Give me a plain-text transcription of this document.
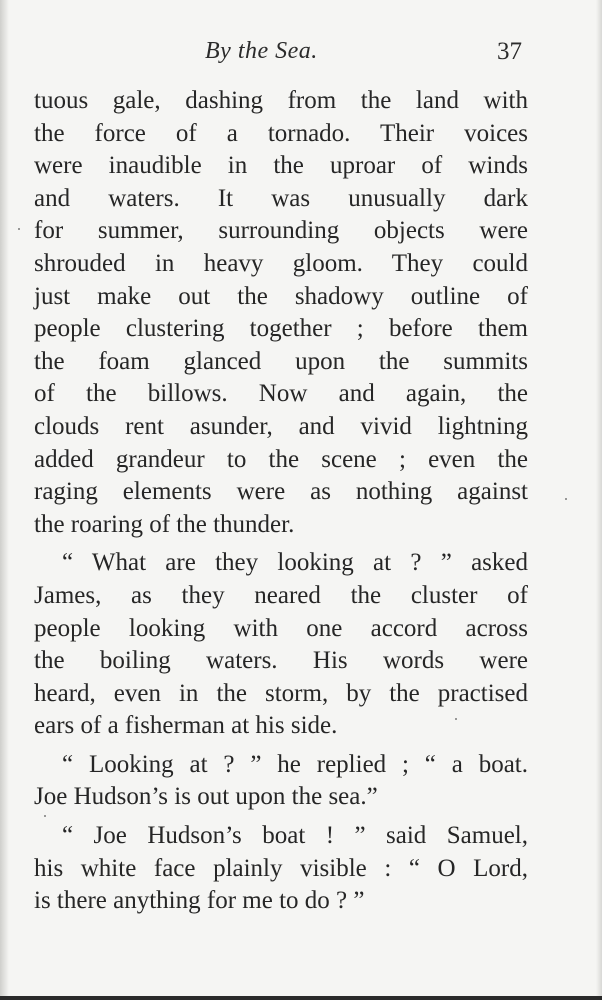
By the Sea.	37
tuous gale, dashing from the land with
the force of a tornado. Their voices
were inaudible in the uproar of winds
and waters. It was unusually dark
for summer, surrounding objects were
shrouded in heavy gloom. They could
just make out the shadowy outline of
people clustering together ; before them
the foam glanced upon the summits
of the billows. Now and again, the
clouds rent asunder, and vivid lightning
added grandeur to the scene ; even the
raging elements were as nothing against
the roaring of the thunder.
“ What are they looking at ? ” asked
James, as they neared the cluster of
people looking with one accord across
the boiling waters. His words were
heard, even in the storm, by the practised
ears of a fisherman at his side.
“ Looking at ? ” he replied ; “ a boat.
Joe Hudson’s is out upon the sea.”
“ Joe Hudson’s boat ! ” said Samuel,
his white face plainly visible : “ O Lord,
is there anything for me to do ? ”
